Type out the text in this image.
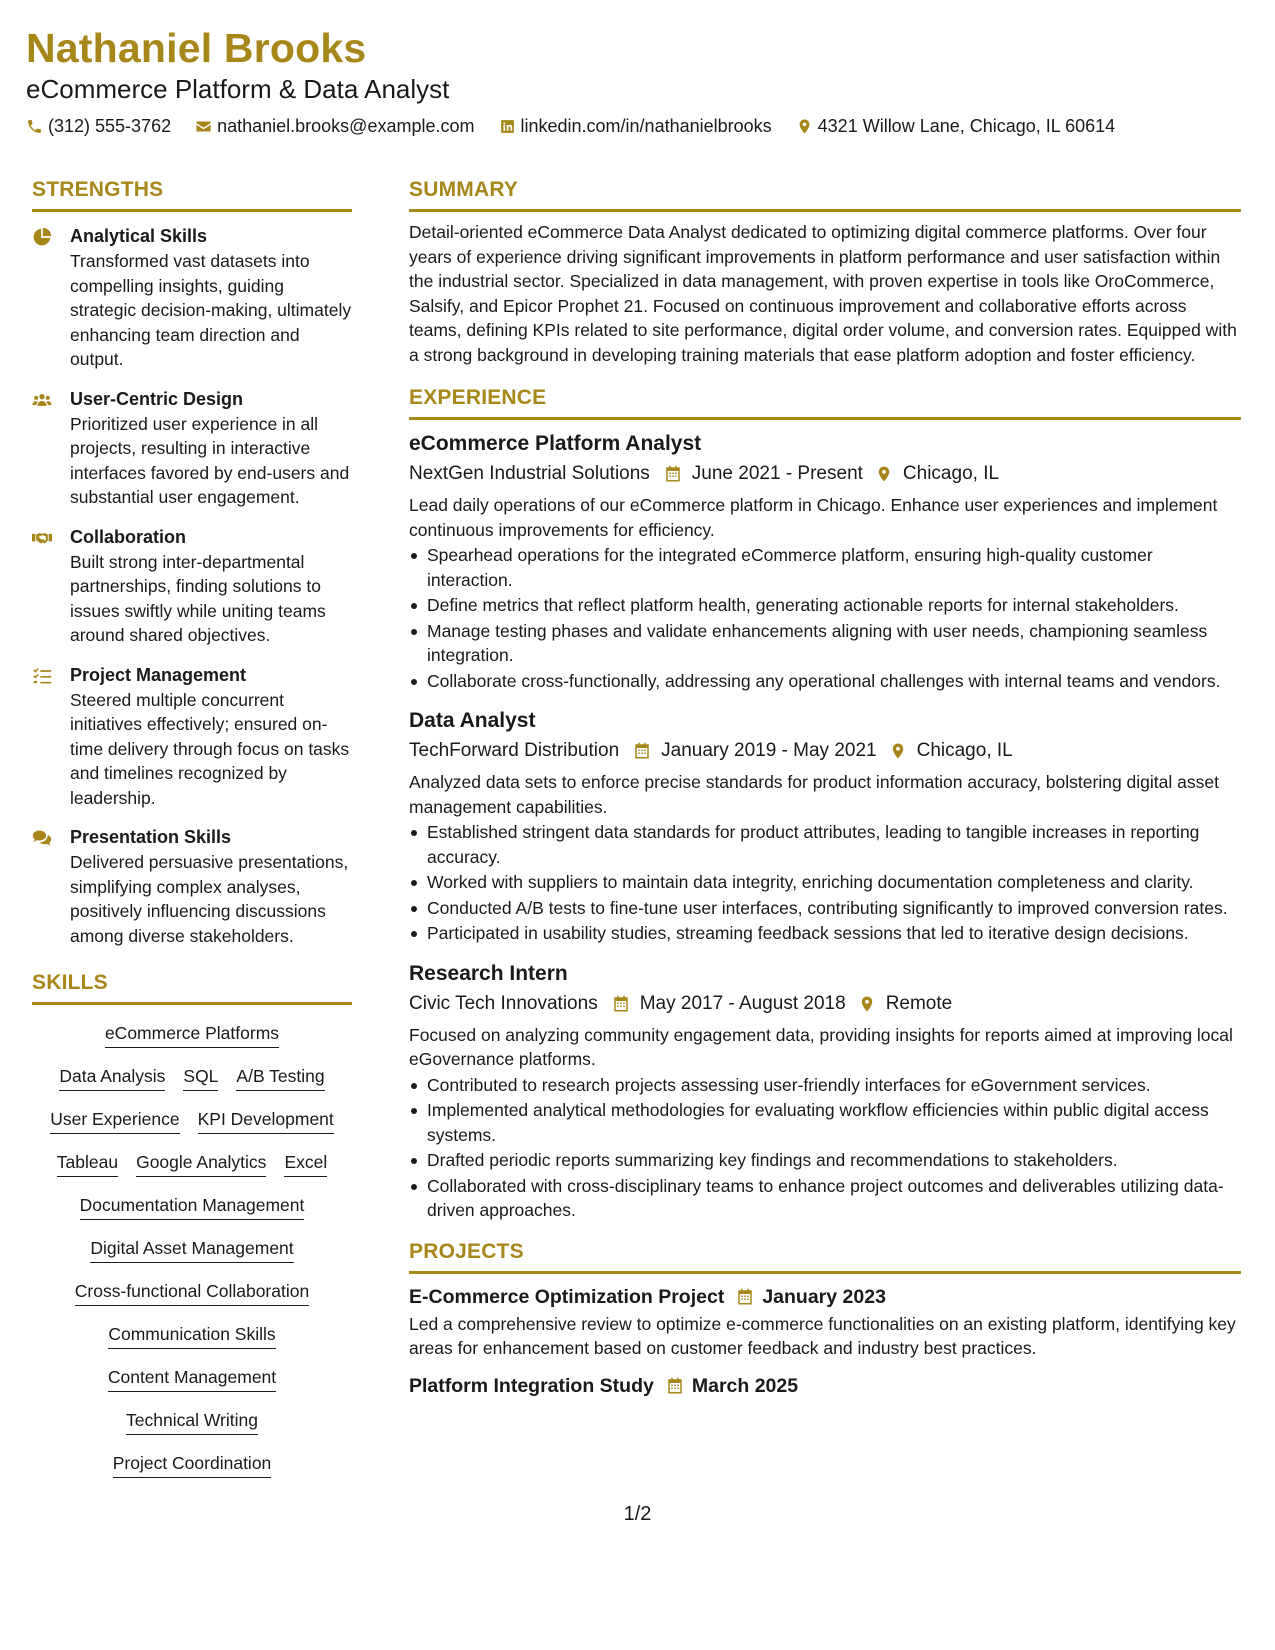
Nathaniel Brooks
eCommerce Platform & Data Analyst
(312) 555-3762	nathaniel.brooks@example.com	linkedin.com/in/nathanielbrooks	4321 Willow Lane, Chicago, IL 60614
STRENGTHS
Analytical Skills
Transformed vast datasets into compelling insights, guiding strategic decision-making, ultimately enhancing team direction and output.
User-Centric Design
Prioritized user experience in all projects, resulting in interactive interfaces favored by end-users and substantial user engagement.
Collaboration
Built strong inter-departmental partnerships, finding solutions to issues swiftly while uniting teams around shared objectives.
Project Management
Steered multiple concurrent initiatives effectively; ensured on-time delivery through focus on tasks and timelines recognized by leadership.
Presentation Skills
Delivered persuasive presentations, simplifying complex analyses, positively influencing discussions among diverse stakeholders.
SKILLS
eCommerce Platforms
Data Analysis SQL A/B Testing
User Experience KPI Development
Tableau Google Analytics Excel
Documentation Management
Digital Asset Management
Cross-functional Collaboration
Communication Skills
Content Management
Technical Writing
Project Coordination
SUMMARY
Detail-oriented eCommerce Data Analyst dedicated to optimizing digital commerce platforms. Over four years of experience driving significant improvements in platform performance and user satisfaction within the industrial sector. Specialized in data management, with proven expertise in tools like OroCommerce, Salsify, and Epicor Prophet 21. Focused on continuous improvement and collaborative efforts across teams, defining KPIs related to site performance, digital order volume, and conversion rates. Equipped with a strong background in developing training materials that ease platform adoption and foster efficiency.
EXPERIENCE
eCommerce Platform Analyst
NextGen Industrial Solutions June 2021 - Present Chicago, IL
Lead daily operations of our eCommerce platform in Chicago. Enhance user experiences and implement continuous improvements for efficiency.
Spearhead operations for the integrated eCommerce platform, ensuring high-quality customer interaction.
Define metrics that reflect platform health, generating actionable reports for internal stakeholders.
Manage testing phases and validate enhancements aligning with user needs, championing seamless integration.
Collaborate cross-functionally, addressing any operational challenges with internal teams and vendors.
Data Analyst
TechForward Distribution January 2019 - May 2021 Chicago, IL
Analyzed data sets to enforce precise standards for product information accuracy, bolstering digital asset management capabilities.
Established stringent data standards for product attributes, leading to tangible increases in reporting accuracy.
Worked with suppliers to maintain data integrity, enriching documentation completeness and clarity.
Conducted A/B tests to fine-tune user interfaces, contributing significantly to improved conversion rates.
Participated in usability studies, streaming feedback sessions that led to iterative design decisions.
Research Intern
Civic Tech Innovations May 2017 - August 2018 Remote
Focused on analyzing community engagement data, providing insights for reports aimed at improving local eGovernance platforms.
Contributed to research projects assessing user-friendly interfaces for eGovernment services.
Implemented analytical methodologies for evaluating workflow efficiencies within public digital access systems.
Drafted periodic reports summarizing key findings and recommendations to stakeholders.
Collaborated with cross-disciplinary teams to enhance project outcomes and deliverables utilizing data-driven approaches.
PROJECTS
E-Commerce Optimization Project January 2023
Led a comprehensive review to optimize e-commerce functionalities on an existing platform, identifying key areas for enhancement based on customer feedback and industry best practices.
Platform Integration Study March 2025
1/2
